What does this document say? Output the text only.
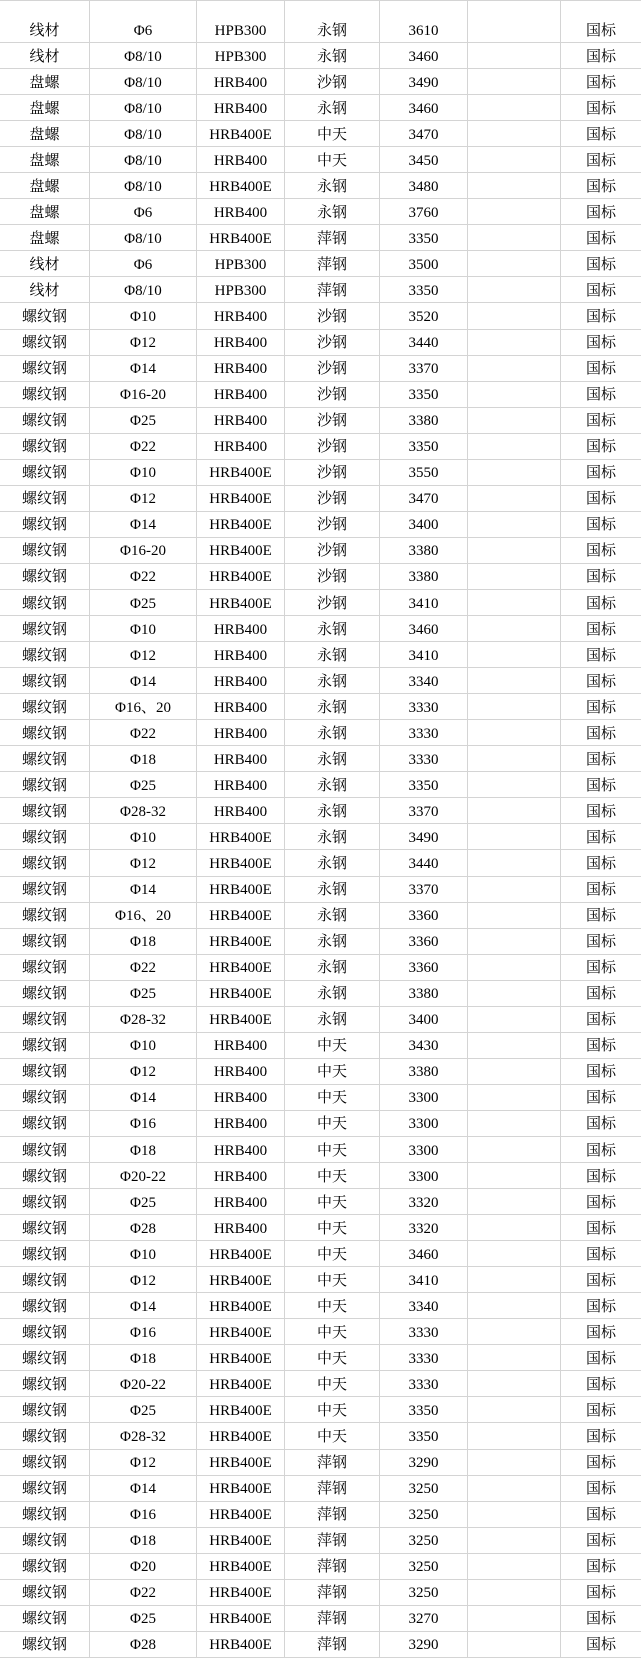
线材	Φ6	HPB300	永钢	3610	国标
线材	Φ8/10	HPB300	永钢	3460	国标
盘螺	Φ8/10	HRB400	沙钢	3490	国标
盘螺	Φ8/10	HRB400	永钢	3460	国标
盘螺	Φ8/10	HRB400E	中天	3470	国标
盘螺	Φ8/10	HRB400	中天	3450	国标
盘螺	Φ8/10	HRB400E	永钢	3480	国标
盘螺	Φ6	HRB400	永钢	3760	国标
盘螺	Φ8/10	HRB400E	萍钢	3350	国标
线材	Φ6	HPB300	萍钢	3500	国标
线材	Φ8/10	HPB300	萍钢	3350	国标
螺纹钢	Φ10	HRB400	沙钢	3520	国标
螺纹钢	Φ12	HRB400	沙钢	3440	国标
螺纹钢	Φ14	HRB400	沙钢	3370	国标
螺纹钢	Φ16-20	HRB400	沙钢	3350	国标
螺纹钢	Φ25	HRB400	沙钢	3380	国标
螺纹钢	Φ22	HRB400	沙钢	3350	国标
螺纹钢	Φ10	HRB400E	沙钢	3550	国标
螺纹钢	Φ12	HRB400E	沙钢	3470	国标
螺纹钢	Φ14	HRB400E	沙钢	3400	国标
螺纹钢	Φ16-20	HRB400E	沙钢	3380	国标
螺纹钢	Φ22	HRB400E	沙钢	3380	国标
螺纹钢	Φ25	HRB400E	沙钢	3410	国标
螺纹钢	Φ10	HRB400	永钢	3460	国标
螺纹钢	Φ12	HRB400	永钢	3410	国标
螺纹钢	Φ14	HRB400	永钢	3340	国标
螺纹钢	Φ16、20	HRB400	永钢	3330	国标
螺纹钢	Φ22	HRB400	永钢	3330	国标
螺纹钢	Φ18	HRB400	永钢	3330	国标
螺纹钢	Φ25	HRB400	永钢	3350	国标
螺纹钢	Φ28-32	HRB400	永钢	3370	国标
螺纹钢	Φ10	HRB400E	永钢	3490	国标
螺纹钢	Φ12	HRB400E	永钢	3440	国标
螺纹钢	Φ14	HRB400E	永钢	3370	国标
螺纹钢	Φ16、20	HRB400E	永钢	3360	国标
螺纹钢	Φ18	HRB400E	永钢	3360	国标
螺纹钢	Φ22	HRB400E	永钢	3360	国标
螺纹钢	Φ25	HRB400E	永钢	3380	国标
螺纹钢	Φ28-32	HRB400E	永钢	3400	国标
螺纹钢	Φ10	HRB400	中天	3430	国标
螺纹钢	Φ12	HRB400	中天	3380	国标
螺纹钢	Φ14	HRB400	中天	3300	国标
螺纹钢	Φ16	HRB400	中天	3300	国标
螺纹钢	Φ18	HRB400	中天	3300	国标
螺纹钢	Φ20-22	HRB400	中天	3300	国标
螺纹钢	Φ25	HRB400	中天	3320	国标
螺纹钢	Φ28	HRB400	中天	3320	国标
螺纹钢	Φ10	HRB400E	中天	3460	国标
螺纹钢	Φ12	HRB400E	中天	3410	国标
螺纹钢	Φ14	HRB400E	中天	3340	国标
螺纹钢	Φ16	HRB400E	中天	3330	国标
螺纹钢	Φ18	HRB400E	中天	3330	国标
螺纹钢	Φ20-22	HRB400E	中天	3330	国标
螺纹钢	Φ25	HRB400E	中天	3350	国标
螺纹钢	Φ28-32	HRB400E	中天	3350	国标
螺纹钢	Φ12	HRB400E	萍钢	3290	国标
螺纹钢	Φ14	HRB400E	萍钢	3250	国标
螺纹钢	Φ16	HRB400E	萍钢	3250	国标
螺纹钢	Φ18	HRB400E	萍钢	3250	国标
螺纹钢	Φ20	HRB400E	萍钢	3250	国标
螺纹钢	Φ22	HRB400E	萍钢	3250	国标
螺纹钢	Φ25	HRB400E	萍钢	3270	国标
螺纹钢	Φ28	HRB400E	萍钢	3290	国标
